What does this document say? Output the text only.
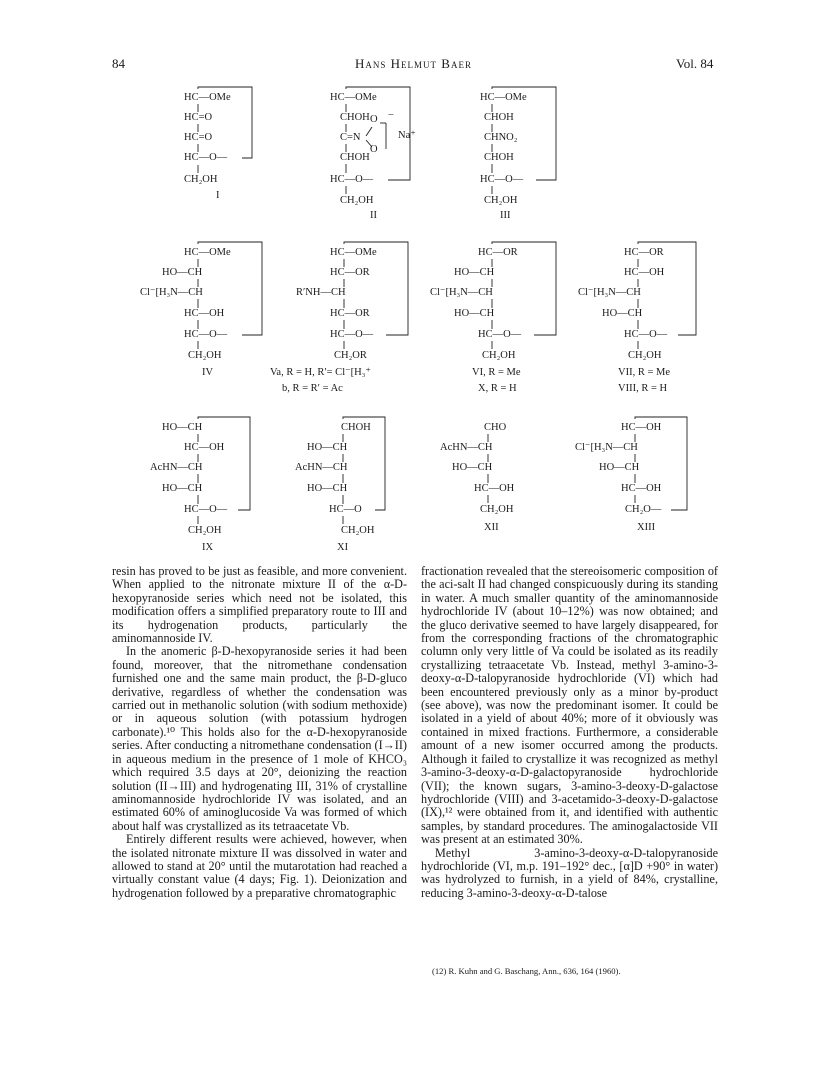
84	Hans Helmut Baer	Vol. 84
HC—OMe
HC=O
HC=O
HC—O—
CH₂OH
I
HC—OMe
CHOH
C=N
CHOH
HC—O—
CH₂OH
O
O
Na⁺
−
II
HC—OMe
CHOH
CHNO₂
CHOH
HC—O—
CH₂OH
III
HC—OMe
HO—CH
Cl⁻[H₃N—CH
HC—OH
HC—O—
CH₂OH
IV
HC—OMe
HC—OR
R′NH—CH
HC—OR
HC—O—
CH₂OR
Va, R = H, R′= Cl⁻[H₃⁺
b, R = R′ = Ac
HC—OR
HO—CH
Cl⁻[H₃N—CH
HO—CH
HC—O—
CH₂OH
VI, R = Me
X, R = H
HC—OR
HC—OH
Cl⁻[H₃N—CH
HO—CH
HC—O—
CH₂OH
VII, R = Me
VIII, R = H
HO—CH
HC—OH
AcHN—CH
HO—CH
HC—O—
CH₂OH
IX
CHOH
HO—CH
AcHN—CH
HO—CH
HC—O
CH₂OH
XI
CHO
AcHN—CH
HO—CH
HC—OH
CH₂OH
XII
HC—OH
Cl⁻[H₃N—CH
HO—CH
HC—OH
CH₂O—
XIII

resin has proved to be just as feasible, and more convenient. When applied to the nitronate mixture II of the α-D-hexopyranoside series which need not be isolated, this modification offers a simplified preparatory route to III and its hydrogenation products, particularly the aminomannoside IV.

In the anomeric β-D-hexopyranoside series it had been found, moreover, that the nitromethane condensation furnished one and the same main product, the β-D-gluco derivative, regardless of whether the condensation was carried out in methanolic solution (with sodium methoxide) or in aqueous solution (with potassium hydrogen carbonate).¹⁰ This holds also for the α-D-hexopyranoside series. After conducting a nitromethane condensation (I→II) in aqueous medium in the presence of 1 mole of KHCO₃ which required 3.5 days at 20°, deionizing the reaction solution (II→III) and hydrogenating III, 31% of crystalline aminomannoside hydrochloride IV was isolated, and an estimated 60% of aminoglucoside Va was formed of which about half was crystallized as its tetraacetate Vb.

Entirely different results were achieved, however, when the isolated nitronate mixture II was dissolved in water and allowed to stand at 20° until the mutarotation had reached a virtually constant value (4 days; Fig. 1). Deionization and hydrogenation followed by a preparative chromatographic

fractionation revealed that the stereoisomeric composition of the aci-salt II had changed conspicuously during its standing in water. A much smaller quantity of the aminomannoside hydrochloride IV (about 10–12%) was now obtained; and the gluco derivative seemed to have largely disappeared, for from the corresponding fractions of the chromatographic column only very little of Va could be isolated as its readily crystallizing tetraacetate Vb. Instead, methyl 3-amino-3-deoxy-α-D-talopyranoside hydrochloride (VI) which had been encountered previously only as a minor by-product (see above), was now the predominant isomer. It could be isolated in a yield of about 40%; more of it obviously was contained in mixed fractions. Furthermore, a considerable amount of a new isomer occurred among the products. Although it failed to crystallize it was recognized as methyl 3-amino-3-deoxy-α-D-galactopyranoside hydrochloride (VII); the known sugars, 3-amino-3-deoxy-D-galactose hydrochloride (VIII) and 3-acetamido-3-deoxy-D-galactose (IX),¹² were obtained from it, and identified with authentic samples, by standard procedures. The aminogalactoside VII was present at an estimated 30%.

Methyl 3-amino-3-deoxy-α-D-talopyranoside hydrochloride (VI, m.p. 191–192° dec., [α]D +90° in water) was hydrolyzed to furnish, in a yield of 84%, crystalline, reducing 3-amino-3-deoxy-α-D-talose

(12) R. Kuhn and G. Baschang, Ann., 636, 164 (1960).
